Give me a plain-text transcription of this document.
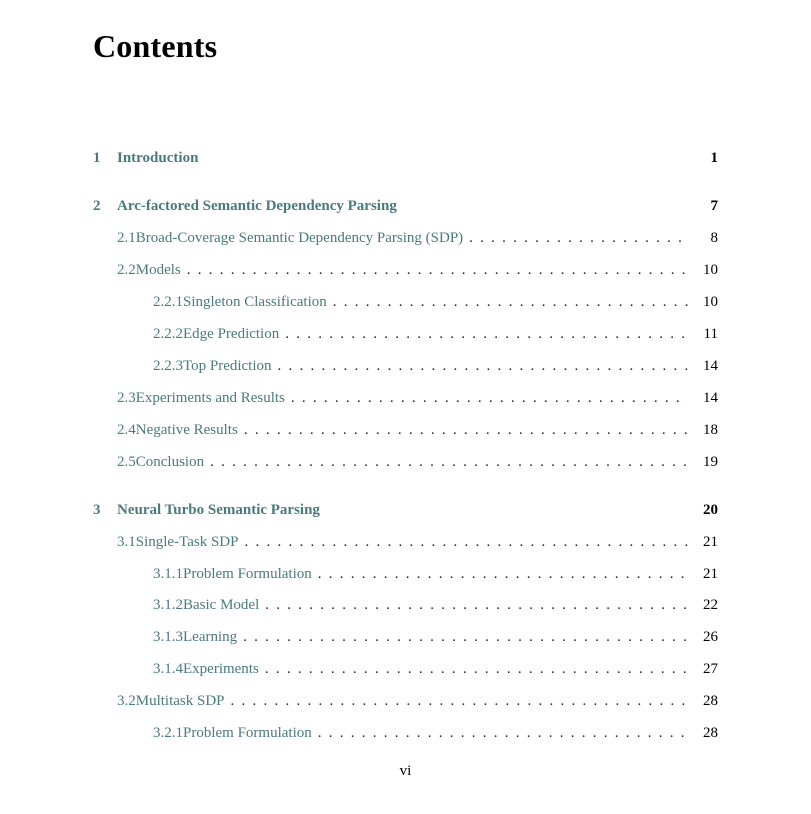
Contents
1	Introduction	1
2	Arc-factored Semantic Dependency Parsing	7
2.1 Broad-Coverage Semantic Dependency Parsing (SDP) . . .	8
2.2 Models . . .	10
2.2.1 Singleton Classification . . .	10
2.2.2 Edge Prediction . . .	11
2.2.3 Top Prediction . . .	14
2.3 Experiments and Results . . .	14
2.4 Negative Results . . .	18
2.5 Conclusion . . .	19
3	Neural Turbo Semantic Parsing	20
3.1 Single-Task SDP . . .	21
3.1.1 Problem Formulation . . .	21
3.1.2 Basic Model . . .	22
3.1.3 Learning . . .	26
3.1.4 Experiments . . .	27
3.2 Multitask SDP . . .	28
3.2.1 Problem Formulation . . .	28
vi
